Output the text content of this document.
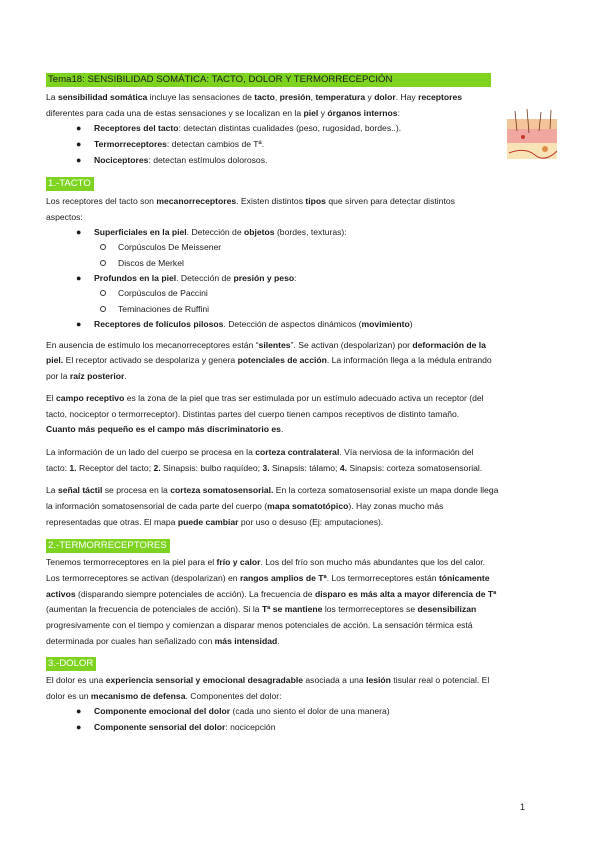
Tema18: SENSIBILIDAD SOMÁTICA: TACTO, DOLOR Y TERMORRECEPCIÓN
La sensibilidad somática incluye las sensaciones de tacto, presión, temperatura y dolor. Hay receptores
diferentes para cada una de estas sensaciones y se localizan en la piel y órganos internos:
● Receptores del tacto: detectan distintas cualidades (peso, rugosidad, bordes..).
● Termorreceptores: detectan cambios de Tª.
● Nociceptores: detectan estímulos dolorosos.
1.-TACTO
Los receptores del tacto son mecanorreceptores. Existen distintos tipos que sirven para detectar distintos
aspectos:
● Superficiales en la piel. Detección de objetos (bordes, texturas):
Corpúsculos De Meissener
Discos de Merkel
● Profundos en la piel. Detección de presión y peso:
Corpúsculos de Paccini
Teminaciones de Ruffini
● Receptores de folículos pilosos. Detección de aspectos dinámicos (movimiento)
En ausencia de estímulo los mecanorreceptores están “silentes”. Se activan (despolarizan) por deformación de la
piel. El receptor activado se despolariza y genera potenciales de acción. La información llega a la médula entrando
por la raíz posterior.
El campo receptivo es la zona de la piel que tras ser estimulada por un estímulo adecuado activa un receptor (del
tacto, nociceptor o termorreceptor). Distintas partes del cuerpo tienen campos receptivos de distinto tamaño.
Cuanto más pequeño es el campo más discriminatorio es.
La información de un lado del cuerpo se procesa en la corteza contralateral. Vía nerviosa de la información del
tacto: 1. Receptor del tacto; 2. Sinapsis: bulbo raquídeo; 3. Sinapsis: tálamo; 4. Sinapsis: corteza somatosensorial.
La señal táctil se procesa en la corteza somatosensorial. En la corteza somatosensorial existe un mapa donde llega
la información somatosensorial de cada parte del cuerpo (mapa somatotópico). Hay zonas mucho más
representadas que otras. El mapa puede cambiar por uso o desuso (Ej: amputaciones).
2.-TERMORRECEPTORES
Tenemos termorreceptores en la piel para el frío y calor. Los del frío son mucho más abundantes que los del calor.
Los termorreceptores se activan (despolarizan) en rangos amplios de Tª. Los termorreceptores están tónicamente
activos (disparando siempre potenciales de acción). La frecuencia de disparo es más alta a mayor diferencia de Tª
(aumentan la frecuencia de potenciales de acción). Si la Tª se mantiene los termorreceptores se desensibilizan
progresivamente con el tiempo y comienzan a disparar menos potenciales de acción. La sensación térmica está
determinada por cuales han señalizado con más intensidad.
3.-DOLOR
El dolor es una experiencia sensorial y emocional desagradable asociada a una lesión tisular real o potencial. El
dolor es un mecanismo de defensa. Componentes del dolor:
● Componente emocional del dolor (cada uno siento el dolor de una manera)
● Componente sensorial del dolor: nocicepción
1
